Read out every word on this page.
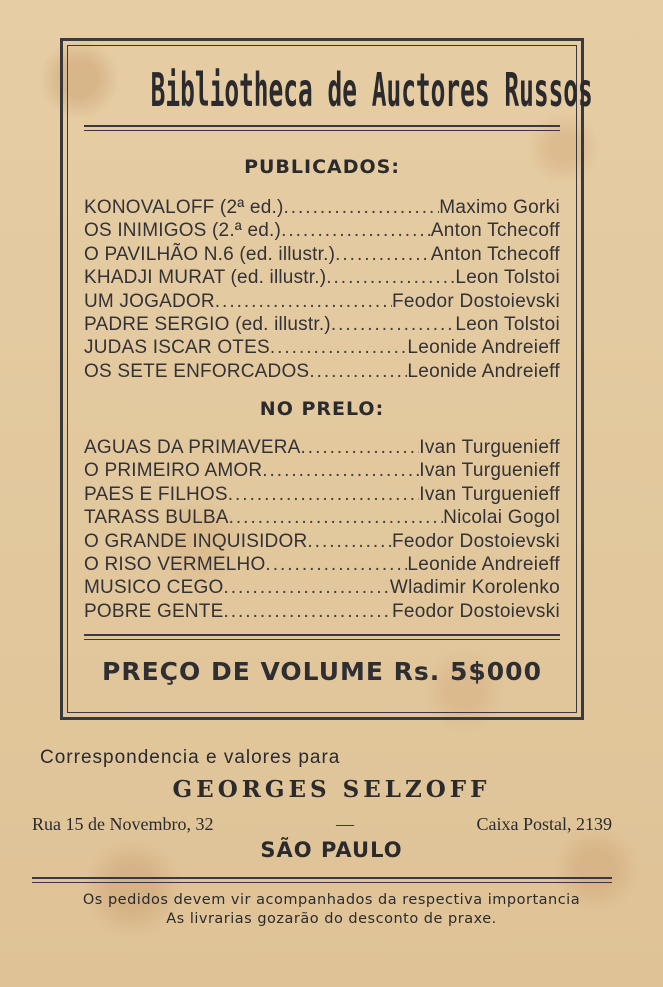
Bibliotheca de Auctores Russos
PUBLICADOS:
KONOVALOFF (2ª ed.) .....	Maximo Gorki
OS INIMIGOS (2.ª ed.) .....	Anton Tchecoff
O PAVILHÃO N.6 (ed. illustr.) .....	Anton Tchecoff
KHADJI MURAT (ed. illustr.) .....	Leon Tolstoi
UM JOGADOR .....	Feodor Dostoievski
PADRE SERGIO (ed. illustr.) .....	Leon Tolstoi
JUDAS ISCAR OTES .....	Leonide Andreieff
OS SETE ENFORCADOS .....	Leonide Andreieff
NO PRELO:
AGUAS DA PRIMAVERA .....	Ivan Turguenieff
O PRIMEIRO AMOR .....	Ivan Turguenieff
PAES E FILHOS .....	Ivan Turguenieff
TARASS BULBA .....	Nicolai Gogol
O GRANDE INQUISIDOR .....	Feodor Dostoievski
O RISO VERMELHO .....	Leonide Andreieff
MUSICO CEGO .....	Wladimir Korolenko
POBRE GENTE .....	Feodor Dostoievski
PREÇO DE VOLUME Rs. 5$000
Correspondencia e valores para
GEORGES SELZOFF
Rua 15 de Novembro, 32	—	Caixa Postal, 2139
SÃO PAULO
Os pedidos devem vir acompanhados da respectiva importancia
As livrarias gozarão do desconto de praxe.
